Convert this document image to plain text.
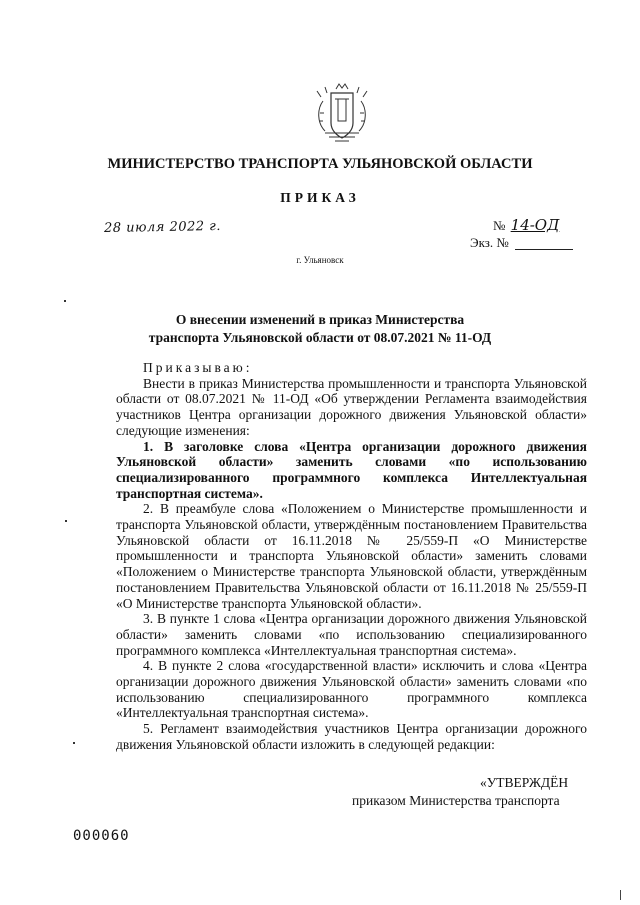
МИНИСТЕРСТВО ТРАНСПОРТА УЛЬЯНОВСКОЙ ОБЛАСТИ
ПРИКАЗ
28 июля 2022 г.	№ 14-ОД
Экз. №
г. Ульяновск
О внесении изменений в приказ Министерства
транспорта Ульяновской области от 08.07.2021 № 11-ОД

Приказываю:

Внести в приказ Министерства промышленности и транспорта Ульяновской области от 08.07.2021 № 11-ОД «Об утверждении Регламента взаимодействия участников Центра организации дорожного движения Ульяновской области» следующие изменения:

1. В заголовке слова «Центра организации дорожного движения Ульяновской области» заменить словами «по использованию специализированного программного комплекса Интеллектуальная транспортная система».

2. В преамбуле слова «Положением о Министерстве промышленности и транспорта Ульяновской области, утверждённым постановлением Правительства Ульяновской области от 16.11.2018 № 25/559-П «О Министерстве промышленности и транспорта Ульяновской области» заменить словами «Положением о Министерстве транспорта Ульяновской области, утверждённым постановлением Правительства Ульяновской области от 16.11.2018 № 25/559-П «О Министерстве транспорта Ульяновской области».

3. В пункте 1 слова «Центра организации дорожного движения Ульяновской области» заменить словами «по использованию специализированного программного комплекса «Интеллектуальная транспортная система».

4. В пункте 2 слова «государственной власти» исключить и слова «Центра организации дорожного движения Ульяновской области» заменить словами «по использованию специализированного программного комплекса «Интеллектуальная транспортная система».

5. Регламент взаимодействия участников Центра организации дорожного движения Ульяновской области изложить в следующей редакции:

«УТВЕРЖДЁН
приказом Министерства транспорта
000060
